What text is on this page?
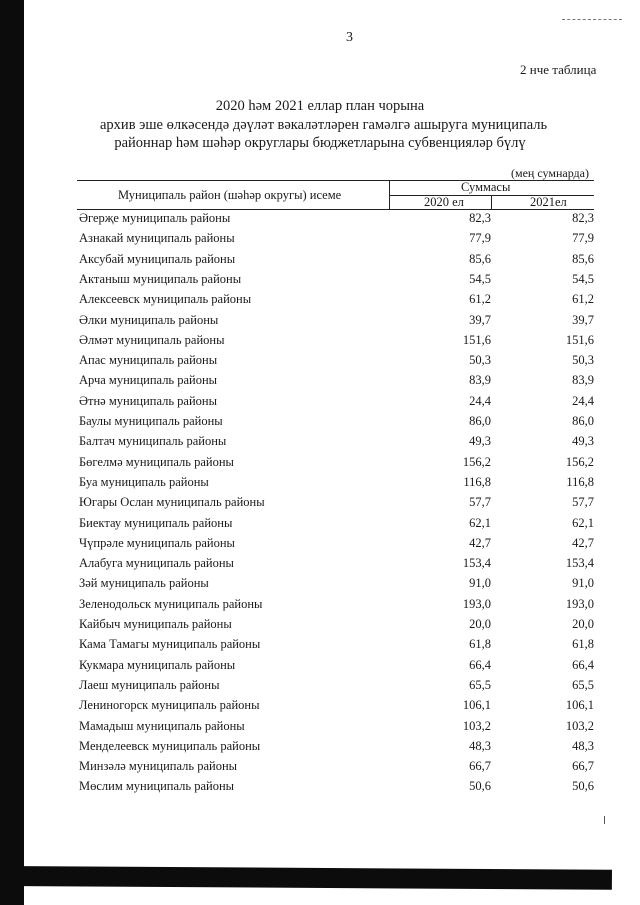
3
2 нче таблица
2020 һәм 2021 еллар план чорына
архив эше өлкәсендә дәүләт вәкаләтләрен гамәлгә ашыруга муниципаль
районнар һәм шәһәр округлары бюджетларына субвенцияләр бүлү
(мең сумнарда)
Муниципаль район (шәһәр округы) исеме
Суммасы
2020 ел	2021ел
Әгерҗе муниципаль районы	82,3	82,3
Азнакай муниципаль районы	77,9	77,9
Аксубай муниципаль районы	85,6	85,6
Актаныш муниципаль районы	54,5	54,5
Алексеевск муниципаль районы	61,2	61,2
Әлки муниципаль районы	39,7	39,7
Әлмәт муниципаль районы	151,6	151,6
Апас муниципаль районы	50,3	50,3
Арча муниципаль районы	83,9	83,9
Әтнә муниципаль районы	24,4	24,4
Баулы муниципаль районы	86,0	86,0
Балтач муниципаль районы	49,3	49,3
Бөгелмә муниципаль районы	156,2	156,2
Буа муниципаль районы	116,8	116,8
Югары Ослан муниципаль районы	57,7	57,7
Биектау муниципаль районы	62,1	62,1
Чүпрәле муниципаль районы	42,7	42,7
Алабуга муниципаль районы	153,4	153,4
Зәй муниципаль районы	91,0	91,0
Зеленодольск муниципаль районы	193,0	193,0
Кайбыч муниципаль районы	20,0	20,0
Кама Тамагы муниципаль районы	61,8	61,8
Кукмара муниципаль районы	66,4	66,4
Лаеш муниципаль районы	65,5	65,5
Лениногорск муниципаль районы	106,1	106,1
Мамадыш муниципаль районы	103,2	103,2
Менделеевск муниципаль районы	48,3	48,3
Минзәлә муниципаль районы	66,7	66,7
Мөслим муниципаль районы	50,6	50,6
